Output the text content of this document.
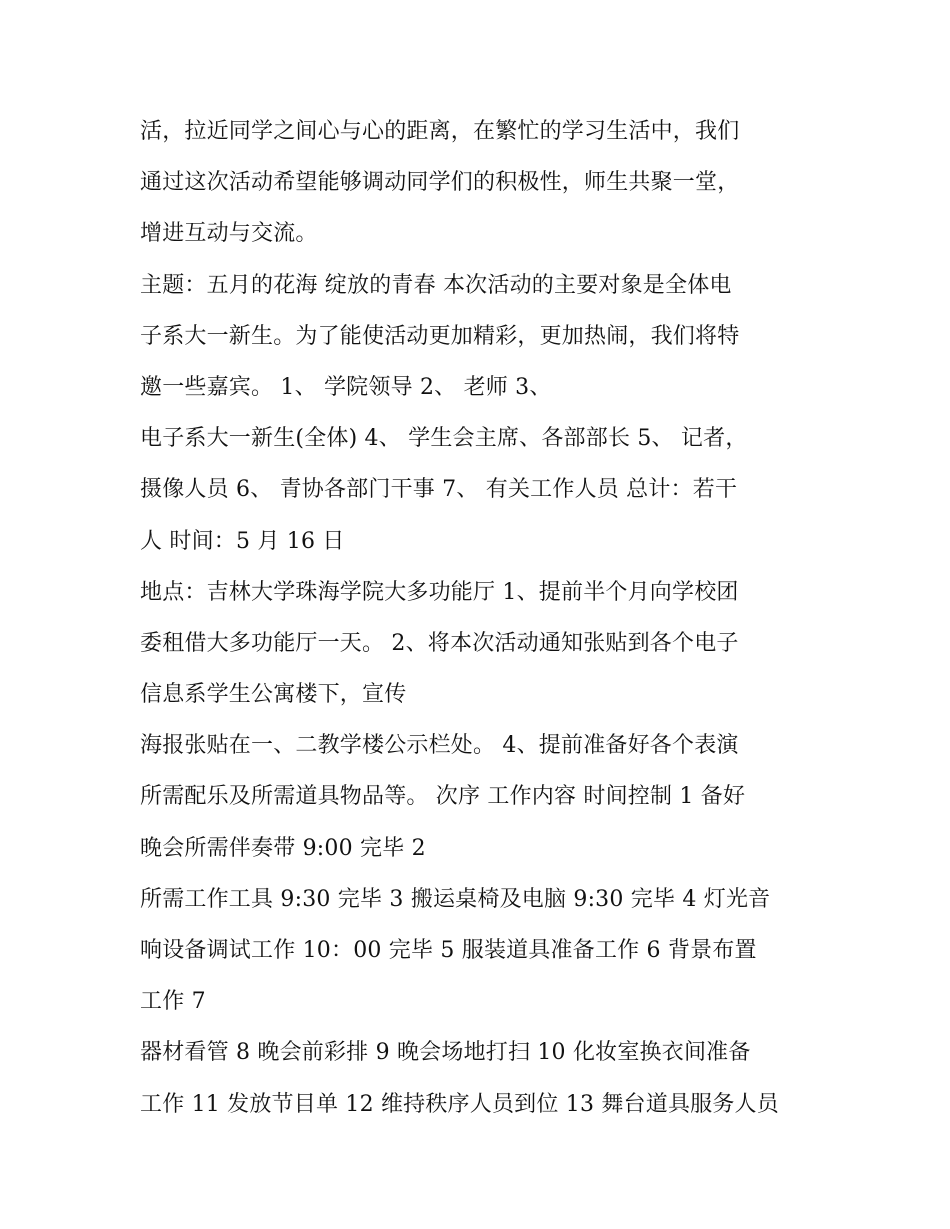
活，拉近同学之间心与心的距离，在繁忙的学习生活中，我们
通过这次活动希望能够调动同学们的积极性，师生共聚一堂，
增进互动与交流。
主题：五月的花海 绽放的青春 本次活动的主要对象是全体电
子系大一新生。为了能使活动更加精彩，更加热闹，我们将特
邀一些嘉宾。 1、 学院领导 2、 老师 3、
电子系大一新生(全体) 4、 学生会主席、各部部长 5、 记者，
摄像人员 6、 青协各部门干事 7、 有关工作人员 总计：若干
人 时间：5 月 16 日
地点：吉林大学珠海学院大多功能厅 1、提前半个月向学校团
委租借大多功能厅一天。 2、将本次活动通知张贴到各个电子
信息系学生公寓楼下，宣传
海报张贴在一、二教学楼公示栏处。 4、提前准备好各个表演
所需配乐及所需道具物品等。 次序 工作内容 时间控制 1 备好
晚会所需伴奏带 9:00 完毕 2
所需工作工具 9:30 完毕 3 搬运桌椅及电脑 9:30 完毕 4 灯光音
响设备调试工作 10：00 完毕 5 服装道具准备工作 6 背景布置
工作 7
器材看管 8 晚会前彩排 9 晚会场地打扫 10 化妆室换衣间准备
工作 11 发放节目单 12 维持秩序人员到位 13 舞台道具服务人员
